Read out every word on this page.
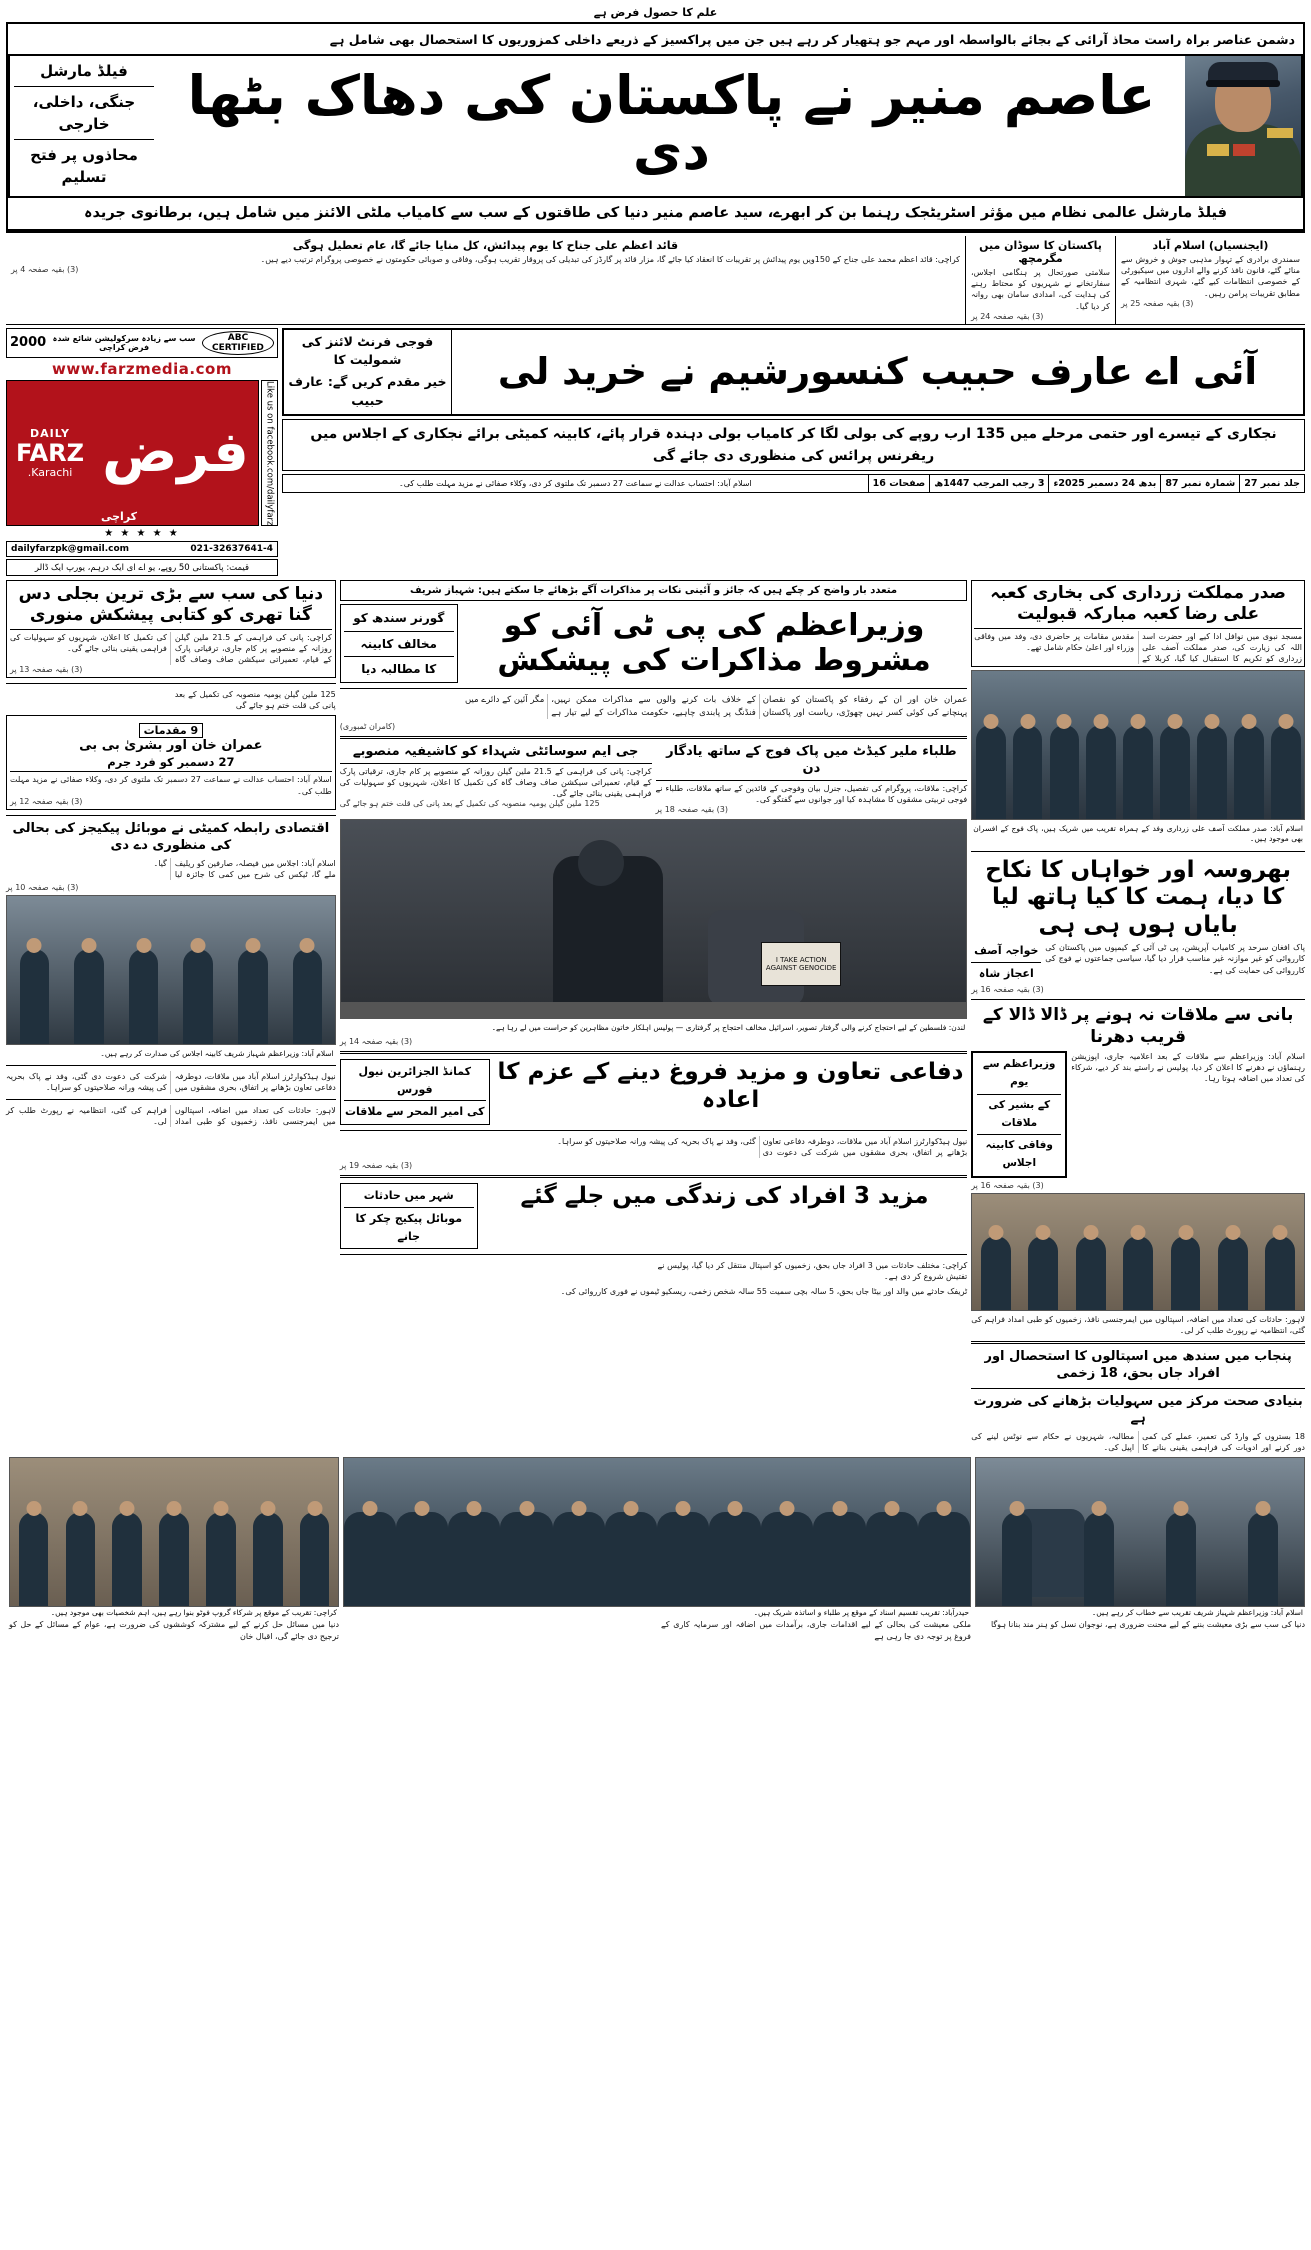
علم کا حصول فرض ہے
دشمن عناصر براہ راست محاذ آرائی کے بجائے بالواسطہ اور مہم جو ہتھیار کر رہے ہیں جن میں پراکسیز کے ذریعے داخلی کمزوریوں کا استحصال بھی شامل ہے
عاصم منیر نے پاکستان کی دھاک بٹھا دی
فیلڈ مارشل
جنگی، داخلی، خارجی
محاذوں پر فتح تسلیم
فیلڈ مارشل عالمی نظام میں مؤثر اسٹریٹجک رہنما بن کر ابھرے، سید عاصم منیر دنیا کی طاقتوں کے سب سے کامیاب ملٹی الائنز میں شامل ہیں، برطانوی جریدہ
(ایجنسیاں) اسلام آباد
سمندری برادری کے تہوار مذہبی جوش و خروش سے منائے گئے، قانون نافذ کرنے والے اداروں میں سیکیورٹی کے خصوصی انتظامات کیے گئے، شہری انتظامیہ کے مطابق تقریبات پرامن رہیں۔
(3) بقیہ صفحہ 25 پر
پاکستان کا سوڈان میں مگرمچھ
سلامتی صورتحال پر ہنگامی اجلاس، سفارتخانے نے شہریوں کو محتاط رہنے کی ہدایت کی، امدادی سامان بھی روانہ کر دیا گیا۔
(3) بقیہ صفحہ 24 پر
قائد اعظم علی جناح کا یوم پیدائش، کل منایا جائے گا، عام تعطیل ہوگی
کراچی: قائد اعظم محمد علی جناح کے 150ویں یوم پیدائش پر تقریبات کا انعقاد کیا جائے گا، مزار قائد پر گارڈز کی تبدیلی کی پروقار تقریب ہوگی، وفاقی و صوبائی حکومتوں نے خصوصی پروگرام ترتیب دیے ہیں۔
(3) بقیہ صفحہ 4 پر
آئی اے عارف حبیب کنسورشیم نے خرید لی
فوجی فرنٹ لائنز کی شمولیت کا
خیر مقدم کریں گے: عارف حبیب
نجکاری کے تیسرے اور حتمی مرحلے میں 135 ارب روپے کی بولی لگا کر کامیاب بولی دہندہ قرار پائے، کابینہ کمیٹی برائے نجکاری کے اجلاس میں ریفرنس پرائس کی منظوری دی جائے گی
جلد نمبر 27
شمارہ نمبر 87
بدھ 24 دسمبر 2025ء
3 رجب المرجب 1447ھ
صفحات 16
اسلام آباد: احتساب عدالت نے سماعت 27 دسمبر تک ملتوی کر دی، وکلاء صفائی نے مزید مہلت طلب کی۔
ABC CERTIFIED
سب سے زیادہ سرکولیشن شائع شدہ فرض کراچی
2000
www.farzmedia.com
Like us on facebook.com/dailyfarz
فرض
کراچی
DAILY
FARZ
Karachi.
★ ★ ★ ★ ★
021-32637641-4
dailyfarzpk@gmail.com
قیمت: پاکستانی 50 روپے، یو اے ای ایک درہم، یورپ ایک ڈالر
صدر مملکت زرداری کی بخاری کعبہ علی رضا کعبہ مبارکہ قبولیت
مسجد نبوی میں نوافل ادا کیے اور حضرت اسد اللہ کی زیارت کی، صدر مملکت آصف علی زرداری کو تکریم کا استقبال کیا گیا، کربلا کے مقدس مقامات پر حاضری دی، وفد میں وفاقی وزراء اور اعلیٰ حکام شامل تھے۔
اسلام آباد: صدر مملکت آصف علی زرداری وفد کے ہمراہ تقریب میں شریک ہیں، پاک فوج کے افسران بھی موجود ہیں۔
بھروسہ اور خواہاں کا نکاح کا دیا، ہمت کا کیا ہاتھ لیا بایاں ہوں ہی ہی
پاک افغان سرحد پر کامیاب آپریشن، پی ٹی آئی کے کیمپوں میں پاکستان کی کارروائی کو غیر موازنہ غیر مناسب قرار دیا گیا، سیاسی جماعتوں نے فوج کی کارروائی کی حمایت کی ہے۔
خواجہ آصف
اعجاز شاہ
(3) بقیہ صفحہ 16 پر
بانی سے ملاقات نہ ہونے پر ڈالا ڈالا کے قریب دھرنا
اسلام آباد: وزیراعظم سے ملاقات کے بعد اعلامیہ جاری، اپوزیشن رہنماؤں نے دھرنے کا اعلان کر دیا، پولیس نے راستے بند کر دیے، شرکاء کی تعداد میں اضافہ ہوتا رہا۔
وزیراعظم سے یوم
کے بشیر کی ملاقات
وفاقی کابینہ اجلاس
(3) بقیہ صفحہ 16 پر
لاہور: حادثات کی تعداد میں اضافہ، اسپتالوں میں ایمرجنسی نافذ، زخمیوں کو طبی امداد فراہم کی گئی، انتظامیہ نے رپورٹ طلب کر لی۔
پنجاب میں سندھ میں اسپتالوں کا استحصال اور افراد جاں بحق، 18 زخمی
بنیادی صحت مرکز میں سہولیات بڑھانے کی ضرورت ہے
18 بستروں کے وارڈ کی تعمیر، عملے کی کمی دور کرنے اور ادویات کی فراہمی یقینی بنانے کا مطالبہ، شہریوں نے حکام سے نوٹس لینے کی اپیل کی۔
متعدد بار واضح کر چکے ہیں کہ جائز و آئینی نکات پر مذاکرات آگے بڑھائے جا سکتے ہیں: شہباز شریف
وزیراعظم کی پی ٹی آئی کو مشروط مذاکرات کی پیشکش
گورنر سندھ کو
مخالف کابینہ
کا مطالبہ دیا
عمران خان اور ان کے رفقاء کو پاکستان کو نقصان پہنچانے کی کوئی کسر نہیں چھوڑی، ریاست اور پاکستان کے خلاف بات کرنے والوں سے مذاکرات ممکن نہیں، فنڈنگ پر پابندی چاہیے، حکومت مذاکرات کے لیے تیار ہے مگر آئین کے دائرے میں
(کامران ٹمبوری)
طلباء ملیر کیڈٹ میں پاک فوج کے ساتھ یادگار دن
کراچی: ملاقات، پروگرام کی تفصیل، جنرل بیان وفوجی کے قائدین کے ساتھ ملاقات، طلباء نے فوجی تربیتی مشقوں کا مشاہدہ کیا اور جوانوں سے گفتگو کی۔
(3) بقیہ صفحہ 18 پر
جی ایم سوسائٹی شہداء کو کاشیفیہ منصوبے
کراچی: پانی کی فراہمی کے 21.5 ملین گیلن روزانہ کے منصوبے پر کام جاری، ترقیاتی پارک کے قیام، تعمیراتی سیکشن صاف وصاف گاہ کی تکمیل کا اعلان، شہریوں کو سہولیات کی فراہمی یقینی بنائی جائے گی۔
125 ملین گیلن یومیہ منصوبہ کی تکمیل کے بعد پانی کی قلت ختم ہو جائے گی
I TAKE ACTION AGAINST GENOCIDE
لندن: فلسطین کے لیے احتجاج کرنے والی گرفتار تصویر، اسرائیل مخالف احتجاج پر گرفتاری — پولیس اہلکار خاتون مظاہرین کو حراست میں لے رہا ہے۔
(3) بقیہ صفحہ 14 پر
دفاعی تعاون و مزید فروغ دینے کے عزم کا اعادہ
کمانڈ الجزائرین نیول فورس
کی امیر المحر سے ملاقات
نیول ہیڈکوارٹرز اسلام آباد میں ملاقات، دوطرفہ دفاعی تعاون بڑھانے پر اتفاق، بحری مشقوں میں شرکت کی دعوت دی گئی، وفد نے پاک بحریہ کی پیشہ ورانہ صلاحیتوں کو سراہا۔
(3) بقیہ صفحہ 19 پر
مزید 3 افراد کی زندگی میں جلے گئے
شہر میں حادثات
موبائل پیکیج چکر کا جانے
کراچی: مختلف حادثات میں 3 افراد جاں بحق، زخمیوں کو اسپتال منتقل کر دیا گیا، پولیس نے تفتیش شروع کر دی ہے۔
ٹریفک حادثے میں والد اور بیٹا جاں بحق، 5 سالہ بچی سمیت 55 سالہ شخص زخمی، ریسکیو ٹیموں نے فوری کارروائی کی۔
دنیا کی سب سے بڑی ترین بجلی دس گنا تھری کو کتابی پیشکش منوری
کراچی: پانی کی فراہمی کے 21.5 ملین گیلن روزانہ کے منصوبے پر کام جاری، ترقیاتی پارک کے قیام، تعمیراتی سیکشن صاف وصاف گاہ کی تکمیل کا اعلان، شہریوں کو سہولیات کی فراہمی یقینی بنائی جائے گی۔
(3) بقیہ صفحہ 13 پر
125 ملین گیلن یومیہ منصوبہ کی تکمیل کے بعد پانی کی قلت ختم ہو جائے گی
9 مقدمات
عمران خان اور بشریٰ بی بی
27 دسمبر کو فرد جرم
اسلام آباد: احتساب عدالت نے سماعت 27 دسمبر تک ملتوی کر دی، وکلاء صفائی نے مزید مہلت طلب کی۔
(3) بقیہ صفحہ 12 پر
اقتصادی رابطہ کمیٹی نے موبائل پیکیجز کی بحالی کی منظوری دے دی
اسلام آباد: اجلاس میں فیصلہ، صارفین کو ریلیف ملے گا، ٹیکس کی شرح میں کمی کا جائزہ لیا گیا۔
(3) بقیہ صفحہ 10 پر
اسلام آباد: وزیراعظم شہباز شریف کابینہ اجلاس کی صدارت کر رہے ہیں۔
نیول ہیڈکوارٹرز اسلام آباد میں ملاقات، دوطرفہ دفاعی تعاون بڑھانے پر اتفاق، بحری مشقوں میں شرکت کی دعوت دی گئی، وفد نے پاک بحریہ کی پیشہ ورانہ صلاحیتوں کو سراہا۔
لاہور: حادثات کی تعداد میں اضافہ، اسپتالوں میں ایمرجنسی نافذ، زخمیوں کو طبی امداد فراہم کی گئی، انتظامیہ نے رپورٹ طلب کر لی۔
اسلام آباد: وزیراعظم شہباز شریف تقریب سے خطاب کر رہے ہیں۔
دنیا کی سب سے بڑی معیشت بننے کے لیے محنت ضروری ہے، نوجوان نسل کو ہنر مند بنانا ہوگا
حیدرآباد: تقریب تقسیم اسناد کے موقع پر طلباء و اساتذہ شریک ہیں۔
ملکی معیشت کی بحالی کے لیے اقدامات جاری، برآمدات میں اضافہ اور سرمایہ کاری کے فروغ پر توجہ دی جا رہی ہے
کراچی: تقریب کے موقع پر شرکاء گروپ فوٹو بنوا رہے ہیں، اہم شخصیات بھی موجود ہیں۔
دنیا میں مسائل حل کرنے کے لیے مشترکہ کوششوں کی ضرورت ہے، عوام کے مسائل کے حل کو ترجیح دی جائے گی، اقبال خان
